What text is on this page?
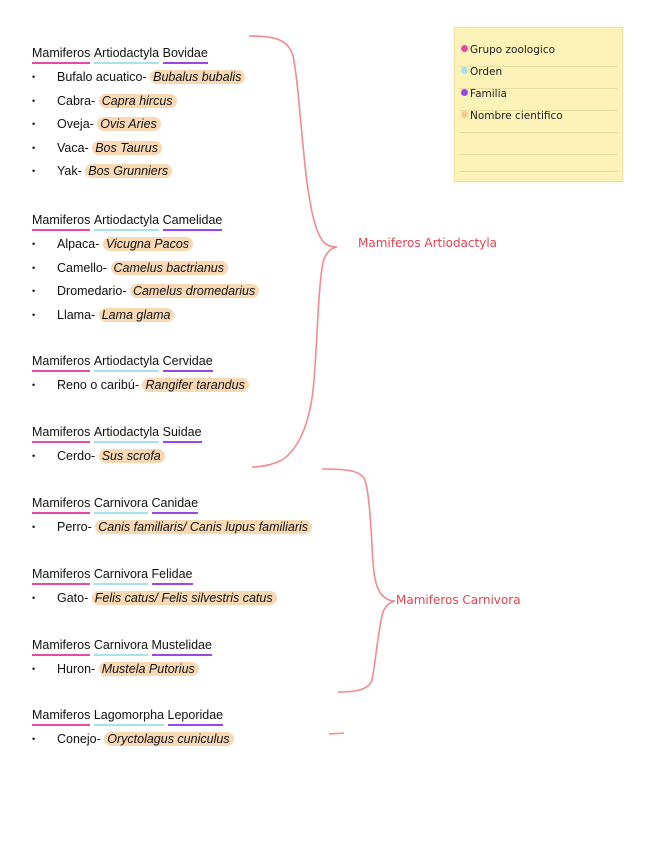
Mamiferos Artiodactyla Bovidae
• Bufalo acuatico- Bubalus bubalis
• Cabra- Capra hircus
• Oveja- Ovis Aries
• Vaca- Bos Taurus
• Yak- Bos Grunniers
Mamiferos Artiodactyla Camelidae
• Alpaca- Vicugna Pacos
• Camello- Camelus bactrianus
• Dromedario- Camelus dromedarius
• Llama- Lama glama
Mamiferos Artiodactyla Cervidae
• Reno o caribú- Rangifer tarandus
Mamiferos Artiodactyla Suidae
• Cerdo- Sus scrofa
Mamiferos Carnivora Canidae
• Perro- Canis familiaris/ Canis lupus familiaris
Mamiferos Carnivora Felidae
• Gato- Felis catus/ Felis silvestris catus
Mamiferos Carnivora Mustelidae
• Huron- Mustela Putorius
Mamiferos Lagomorpha Leporidae
• Conejo- Oryctolagus cuniculus
Mamiferos Artiodactyla
Mamiferos Carnivora
Grupo zoologico
Orden
Familia
Nombre cientifico
